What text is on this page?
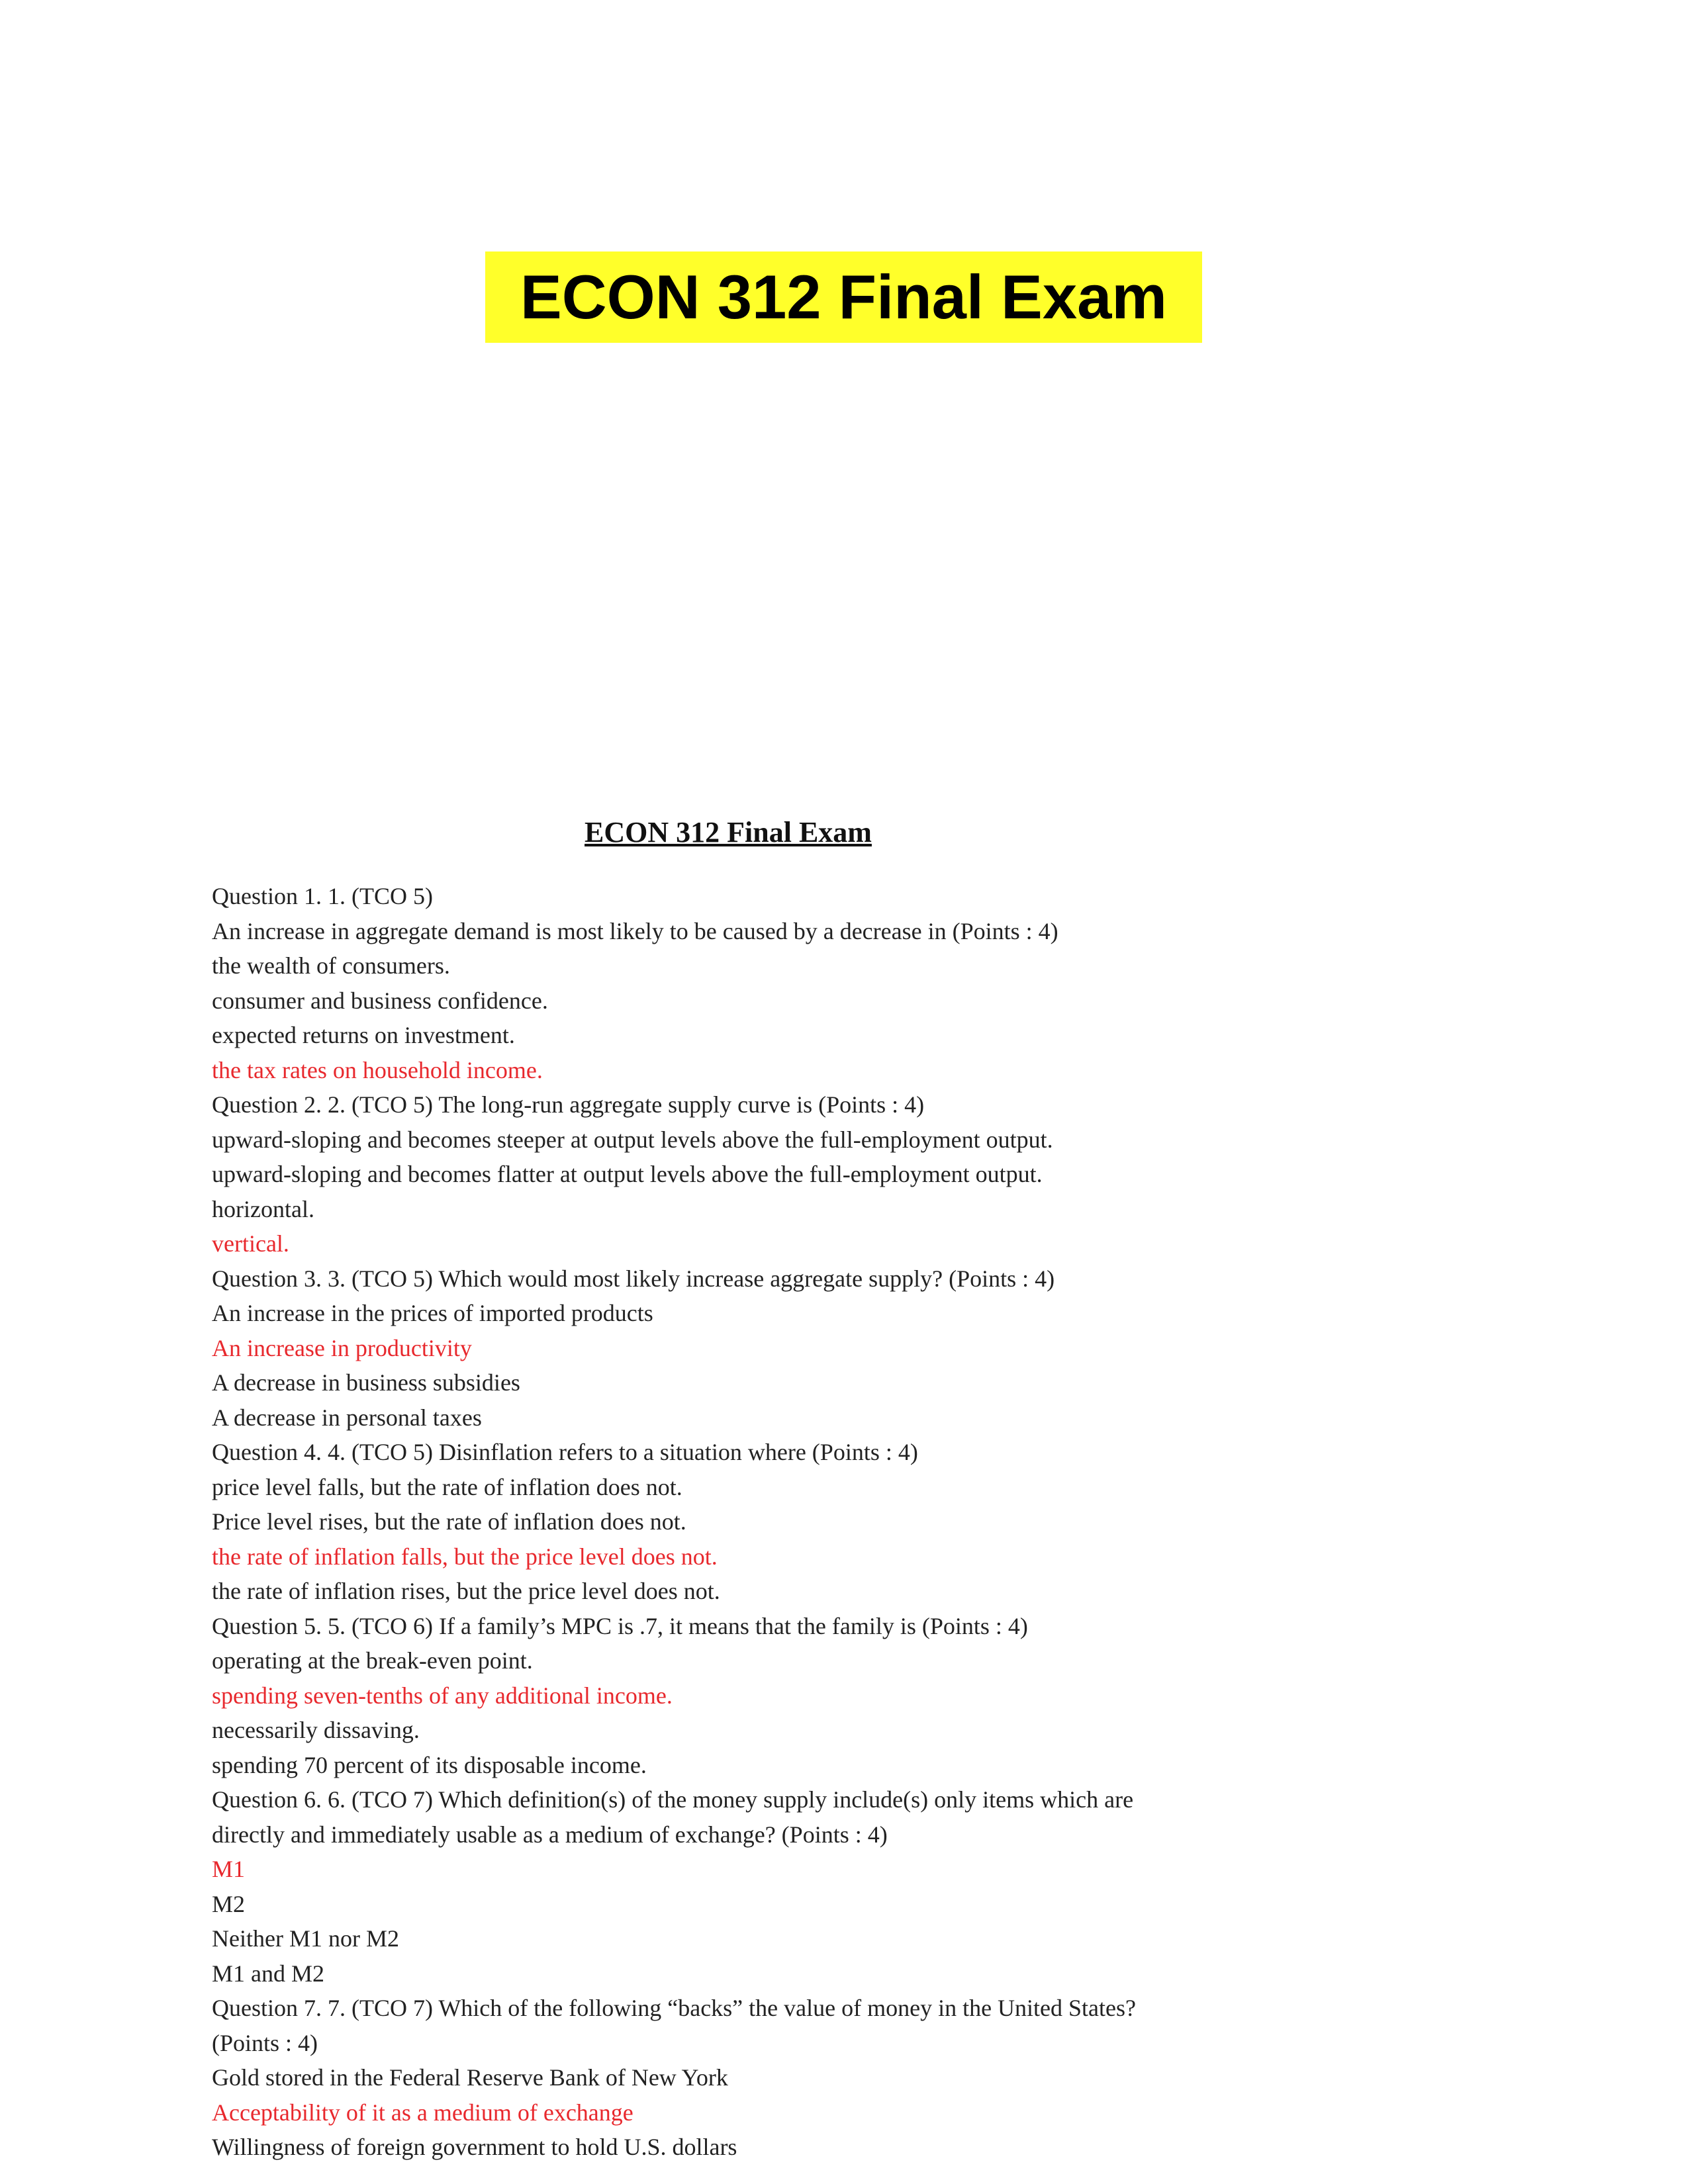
ECON 312 Final Exam
ECON 312 Final Exam
Question 1. 1. (TCO 5)
An increase in aggregate demand is most likely to be caused by a decrease in (Points : 4)
the wealth of consumers.
consumer and business confidence.
expected returns on investment.
the tax rates on household income.
Question 2. 2. (TCO 5) The long-run aggregate supply curve is (Points : 4)
upward-sloping and becomes steeper at output levels above the full-employment output.
upward-sloping and becomes flatter at output levels above the full-employment output.
horizontal.
vertical.
Question 3. 3. (TCO 5) Which would most likely increase aggregate supply? (Points : 4)
An increase in the prices of imported products
An increase in productivity
A decrease in business subsidies
A decrease in personal taxes
Question 4. 4. (TCO 5) Disinflation refers to a situation where (Points : 4)
price level falls, but the rate of inflation does not.
Price level rises, but the rate of inflation does not.
the rate of inflation falls, but the price level does not.
the rate of inflation rises, but the price level does not.
Question 5. 5. (TCO 6) If a family’s MPC is .7, it means that the family is (Points : 4)
operating at the break-even point.
spending seven-tenths of any additional income.
necessarily dissaving.
spending 70 percent of its disposable income.
Question 6. 6. (TCO 7) Which definition(s) of the money supply include(s) only items which are
directly and immediately usable as a medium of exchange? (Points : 4)
M1
M2
Neither M1 nor M2
M1 and M2
Question 7. 7. (TCO 7) Which of the following “backs” the value of money in the United States?
(Points : 4)
Gold stored in the Federal Reserve Bank of New York
Acceptability of it as a medium of exchange
Willingness of foreign government to hold U.S. dollars
